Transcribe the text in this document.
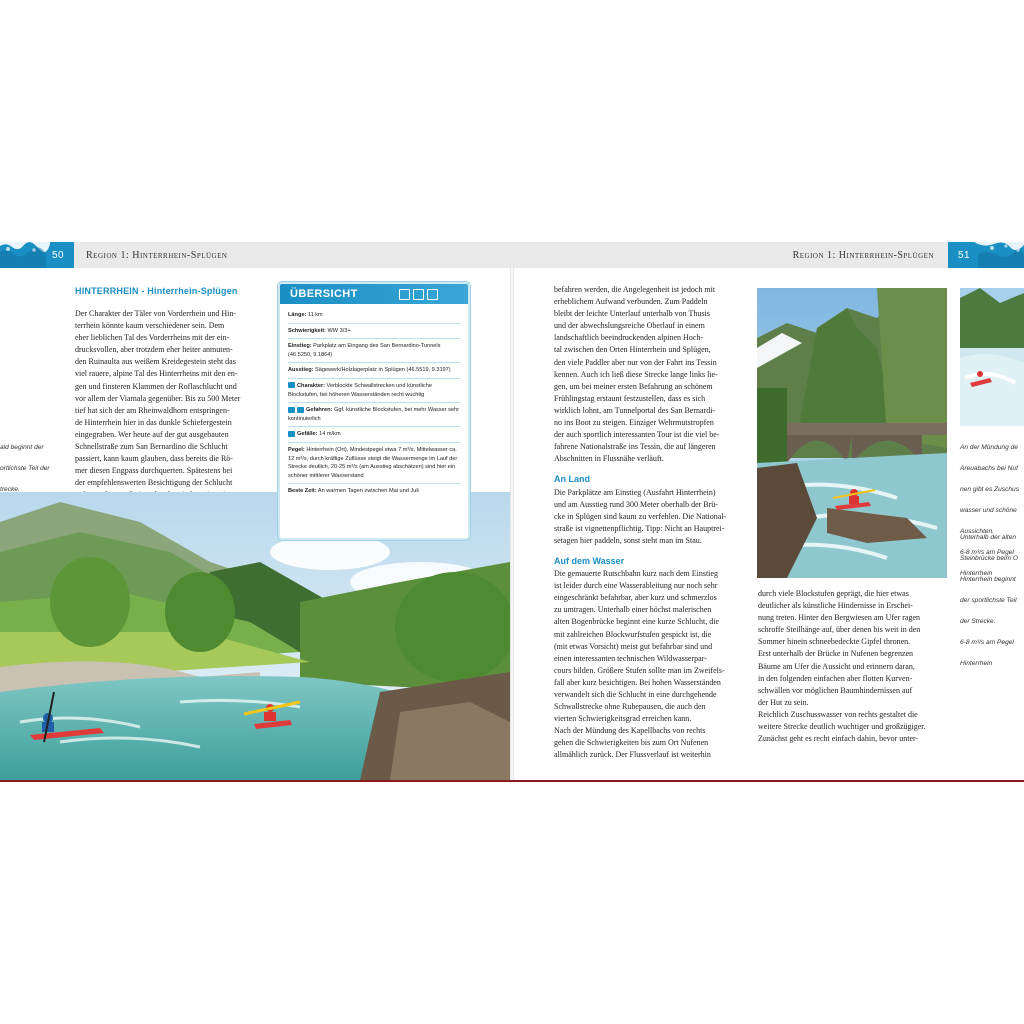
50 Region 1: Hinterrhein-Splügen	Region 1: Hinterrhein-Splügen 51

ald beginnt der

ortlichste Teil der

trecke.

HINTERRHEIN - Hinterrhein-Splügen
Der Charakter der Täler von Vorderrhein und Hin-
terrhein könnte kaum verschiedener sein. Dem
eher lieblichen Tal des Vorderrheins mit der ein-
drucksvollen, aber trotzdem eher heiter anmuten-
den Ruinaulta aus weißem Kreidegestein steht das
viel rauere, alpine Tal des Hinterrheins mit den en-
gen und finsteren Klammen der Roflaschlucht und
vor allem der Viamala gegenüber. Bis zu 500 Meter
tief hat sich der am Rheinwaldhorn entspringen-
de Hinterrhein hier in das dunkle Schiefergestein
eingegraben. Wer heute auf der gut ausgebauten
Schnellstraße zum San Bernardino die Schlucht
passiert, kann kaum glauben, dass bereits die Rö-
mer diesen Engpass durchquerten. Spätestens bei
der empfehlenswerten Besichtigung der Schlucht
ÜBERSICHT
Länge: 11 km
Schwierigkeit: WW 3/3+
Einstieg: Parkplatz am Eingang des San Bernardino-Tunnels (46.5250, 9.1864)
Ausstieg: Sägewerk/Holzlagerplatz in Splügen (46.5519, 9.3197)
Charakter: Verblockte Schwallstrecken und künstliche Blockstufen, bei höheren Wasserständen recht wuchtig
Gefahren: Ggf. künstliche Blockstufen, bei mehr Wasser sehr kontinuierlich
Gefälle: 14 m/km
Pegel: Hinterrhein (Ort), Mindestpegel etwa 7 m³/s, Mittelwasser ca. 12 m³/s, durch kräftige Zuflüsse steigt die Wassermenge im Lauf der Strecke deutlich, 20-25 m³/s (am Ausstieg abschätzen) sind hier ein schöner mittlerer Wasserstand
Beste Zeit: An warmen Tagen zwischen Mai und Juli
befahren werden, die Angelegenheit ist jedoch mit
erheblichem Aufwand verbunden. Zum Paddeln
bleibt der leichte Unterlauf unterhalb von Thusis
und der abwechslungsreiche Oberlauf in einem
landschaftlich beeindruckenden alpinen Hoch-
tal zwischen den Orten Hinterrhein und Splügen,
den viele Paddler aber nur von der Fahrt ins Tessin
kennen. Auch ich ließ diese Strecke lange links lie-
gen, um bei meiner ersten Befahrung an schönem
Frühlingstag erstaunt festzustellen, dass es sich
wirklich lohnt, am Tunnelportal des San Bernardi-
no ins Boot zu steigen. Einziger Wehrmutstropfen
der auch sportlich interessanten Tour ist die viel be-
fahrene Nationalstraße ins Tessin, die auf längeren
Abschnitten in Flussnähe verläuft.
An Land
Die Parkplätze am Einstieg (Ausfahrt Hinterrhein)
und am Ausstieg rund 300 Meter oberhalb der Brü-
cke in Splügen sind kaum zu verfehlen. Die National-
straße ist vignettenpflichtig. Tipp: Nicht an Hauptrei-
setagen hier paddeln, sonst steht man im Stau.
Auf dem Wasser
Die gemauerte Rutschbahn kurz nach dem Einstieg
ist leider durch eine Wasserableitung nur noch sehr
eingeschränkt befahrbar, aber kurz und schmerzlos
zu umtragen. Unterhalb einer höchst malerischen
alten Bogenbrücke beginnt eine kurze Schlucht, die
mit zahlreichen Blockwurfstufen gespickt ist, die
(mit etwas Vorsicht) meist gut befahrbar sind und
einen interessanten technischen Wildwasserpar-
cours bilden. Größere Stufen sollte man im Zweifels-
fall aber kurz besichtigen. Bei hohen Wasserständen
verwandelt sich die Schlucht in eine durchgehende
Schwallstrecke ohne Ruhepausen, die auch den
vierten Schwierigkeitsgrad erreichen kann.
Nach der Mündung des Kapellbachs von rechts
gehen die Schwierigkeiten bis zum Ort Nufenen
allmählich zurück. Der Flussverlauf ist weiterhin
durch viele Blockstufen geprägt, die hier etwas
deutlicher als künstliche Hindernisse in Erschei-
nung treten. Hinter den Bergwiesen am Ufer ragen
schroffe Steilhänge auf, über denen bis weit in den
Sommer hinein schneebedeckte Gipfel thronen.
Erst unterhalb der Brücke in Nufenen begrenzen
Bäume am Ufer die Aussicht und erinnern daran,
in den folgenden einfachen aber flotten Kurven-
schwällen vor möglichen Baumhindernissen auf
der Hut zu sein.
Reichlich Zuschusswasser von rechts gestaltet die
weitere Strecke deutlich wuchtiger und großzügiger.
Zunächst geht es recht einfach dahin, bevor unter-

An der Mündung de

Areuabachs bei Nuf

nen gibt es Zuschus

wasser und schöne

Aussichten.

6-8 m³/s am Pegel

Hinterrhein

Unterhalb der alten

Steinbrücke beim O

Hinterrhein beginnt

der sportlichste Teil

der Strecke.

6-8 m³/s am Pegel

Hinterrhein
